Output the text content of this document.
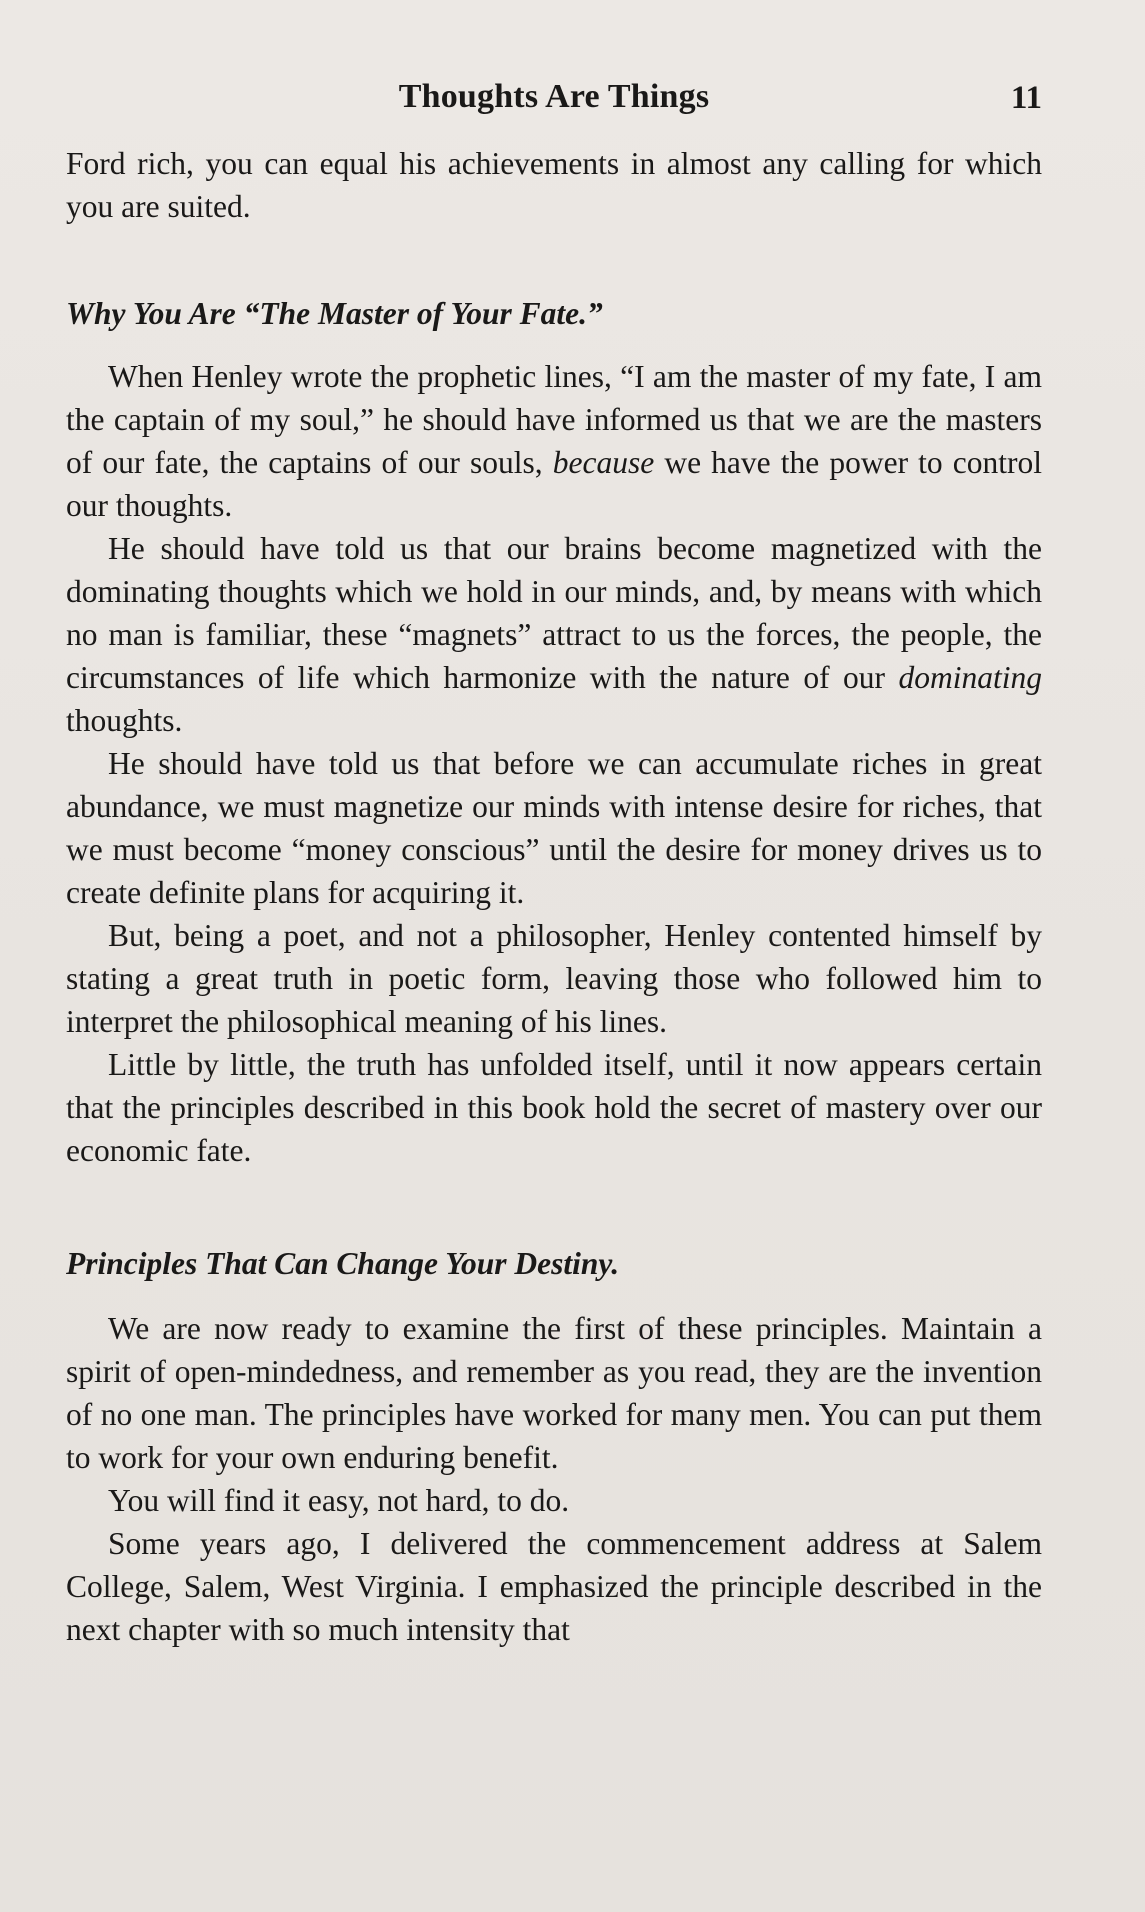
Thoughts Are Things	11

Ford rich, you can equal his achievements in almost any calling for which you are suited.

Why You Are “The Master of Your Fate.”

When Henley wrote the prophetic lines, “I am the master of my fate, I am the captain of my soul,” he should have informed us that we are the masters of our fate, the captains of our souls, because we have the power to control our thoughts.

He should have told us that our brains become magnetized with the dominating thoughts which we hold in our minds, and, by means with which no man is familiar, these “magnets” attract to us the forces, the people, the circumstances of life which harmonize with the nature of our dominating thoughts.

He should have told us that before we can accumulate riches in great abundance, we must magnetize our minds with intense desire for riches, that we must become “money conscious” until the desire for money drives us to create definite plans for acquiring it.

But, being a poet, and not a philosopher, Henley contented himself by stating a great truth in poetic form, leaving those who followed him to interpret the philosophical meaning of his lines.

Little by little, the truth has unfolded itself, until it now appears certain that the principles described in this book hold the secret of mastery over our economic fate.

Principles That Can Change Your Destiny.

We are now ready to examine the first of these principles. Maintain a spirit of open-mindedness, and remember as you read, they are the invention of no one man. The principles have worked for many men. You can put them to work for your own enduring benefit.

You will find it easy, not hard, to do.

Some years ago, I delivered the commencement address at Salem College, Salem, West Virginia. I emphasized the principle described in the next chapter with so much intensity that
